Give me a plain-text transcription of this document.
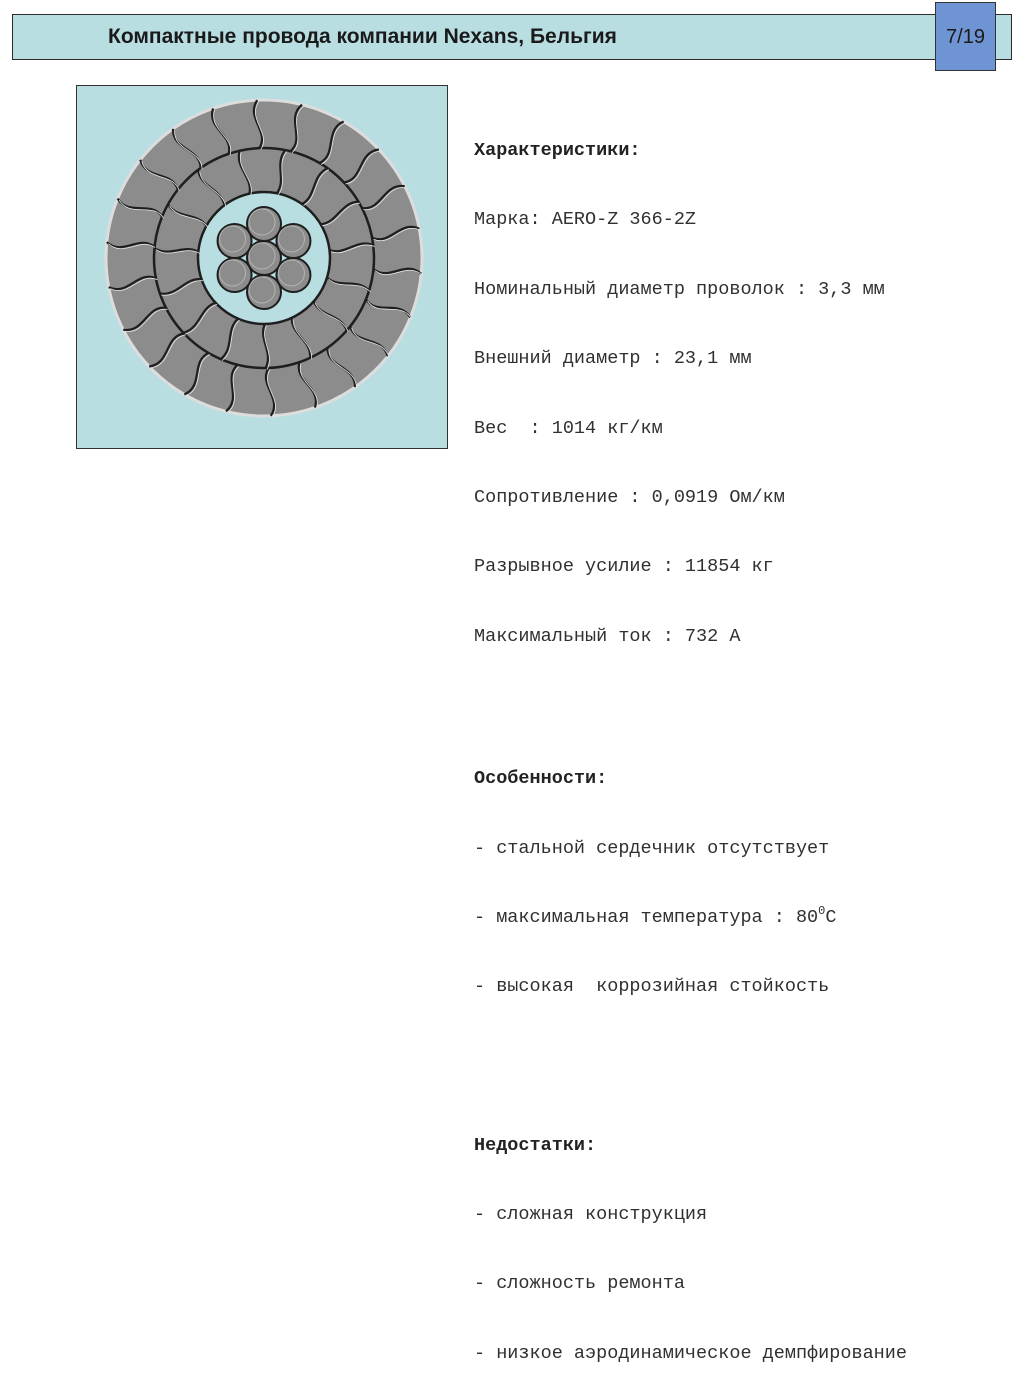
Компактные провода компании Nexans, Бельгия	7/19

Характеристики:

Марка: AERO-Z 366-2Z

Номинальный диаметр проволок : 3,3 мм

Внешний диаметр : 23,1 мм

Вес  : 1014 кг/км

Сопротивление : 0,0919 Ом/км

Разрывное усилие : 11854 кг

Максимальный ток : 732 А

Особенности:

- стальной сердечник отсутствует

- максимальная температура : $80^0С$

- высокая  коррозийная стойкость

Недостатки:

- сложная конструкция

- сложность ремонта

- низкое аэродинамическое демпфирование
